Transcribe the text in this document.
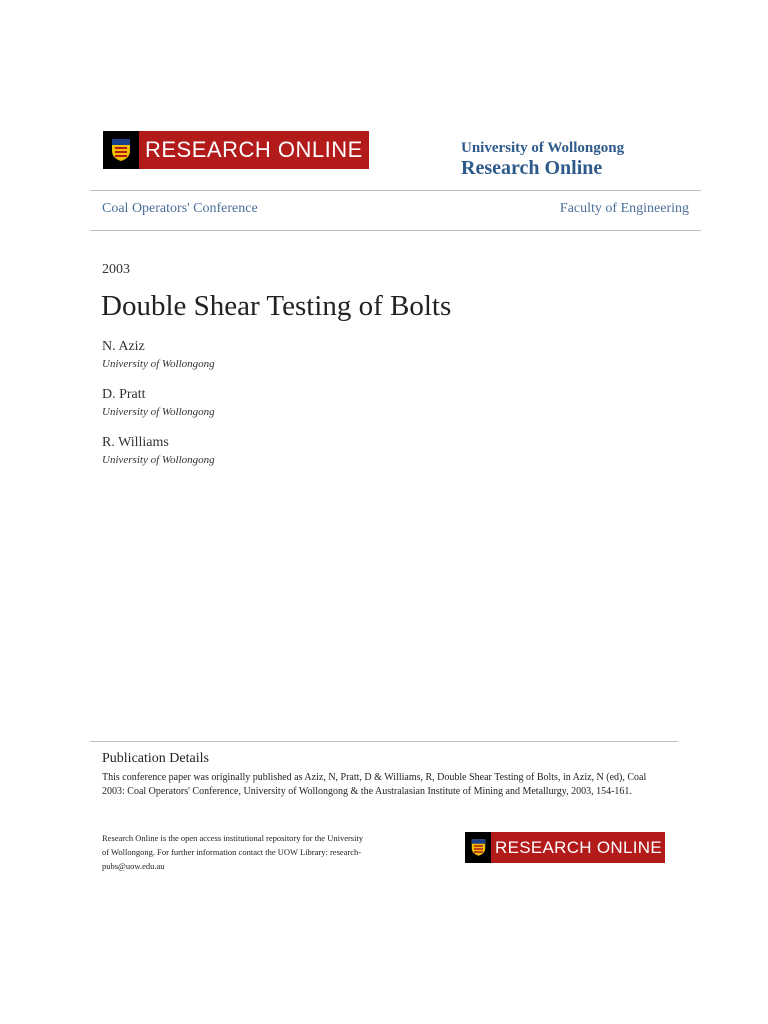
RESEARCH ONLINE	University of Wollongong
Research Online
Coal Operators' Conference	Faculty of Engineering
2003
Double Shear Testing of Bolts
N. Aziz
University of Wollongong
D. Pratt
University of Wollongong
R. Williams
University of Wollongong
Publication Details
This conference paper was originally published as Aziz, N, Pratt, D & Williams, R, Double Shear Testing of Bolts, in Aziz, N (ed), Coal 2003: Coal Operators' Conference, University of Wollongong & the Australasian Institute of Mining and Metallurgy, 2003, 154-161.
Research Online is the open access institutional repository for the University of Wollongong. For further information contact the UOW Library: research-pubs@uow.edu.au
RESEARCH ONLINE
